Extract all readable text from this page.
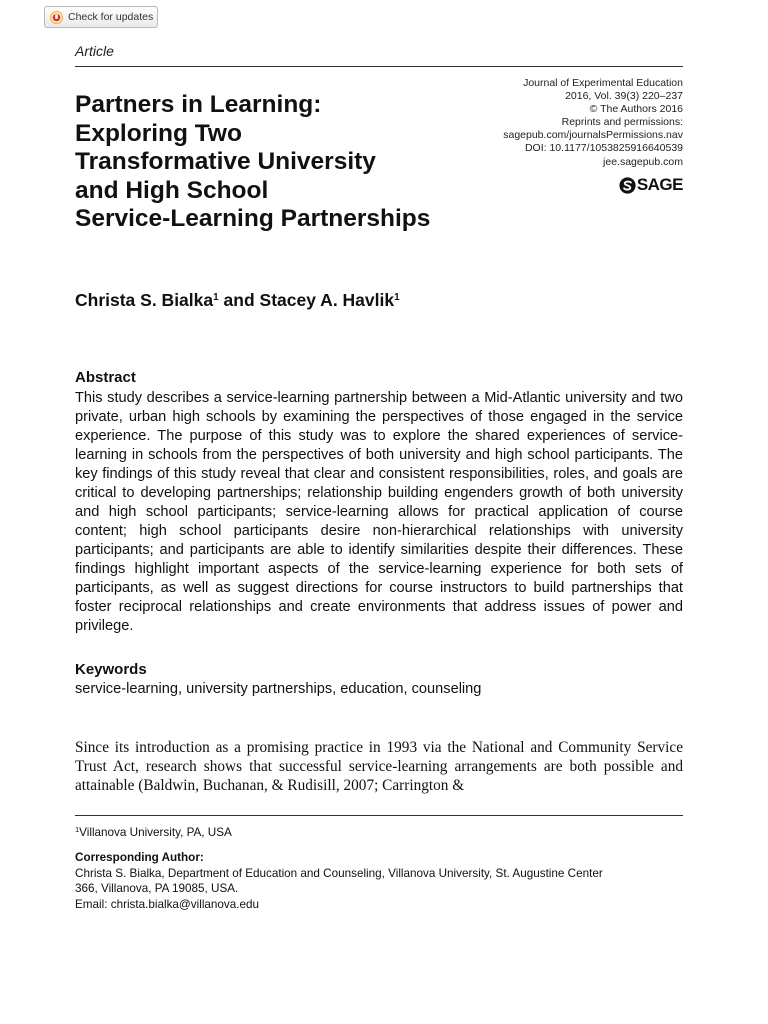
Check for updates
Article
Partners in Learning:
Exploring Two
Transformative University
and High School
Service-Learning Partnerships
Journal of Experimental Education
2016, Vol. 39(3) 220–237
© The Authors 2016
Reprints and permissions:
sagepub.com/journalsPermissions.nav
DOI: 10.1177/1053825916640539
jee.sagepub.com
SAGE
Christa S. Bialka$^1$ and Stacey A. Havlik$^1$
Abstract

This study describes a service-learning partnership between a Mid-Atlantic university and two private, urban high schools by examining the perspectives of those engaged in the service experience. The purpose of this study was to explore the shared experiences of service-learning in schools from the perspectives of both university and high school participants. The key findings of this study reveal that clear and consistent responsibilities, roles, and goals are critical to developing partnerships; relationship building engenders growth of both university and high school participants; service-learning allows for practical application of course content; high school participants desire non-hierarchical relationships with university participants; and participants are able to identify similarities despite their differences. These findings highlight important aspects of the service-learning experience for both sets of participants, as well as suggest directions for course instructors to build partnerships that foster reciprocal relationships and create environments that address issues of power and privilege.

Keywords
service-learning, university partnerships, education, counseling

Since its introduction as a promising practice in 1993 via the National and Community Service Trust Act, research shows that successful service-learning arrangements are both possible and attainable (Baldwin, Buchanan, & Rudisill, 2007; Carrington &

$^1$Villanova University, PA, USA
Corresponding Author:
Christa S. Bialka, Department of Education and Counseling, Villanova University, St. Augustine Center
366, Villanova, PA 19085, USA.
Email: christa.bialka@villanova.edu
